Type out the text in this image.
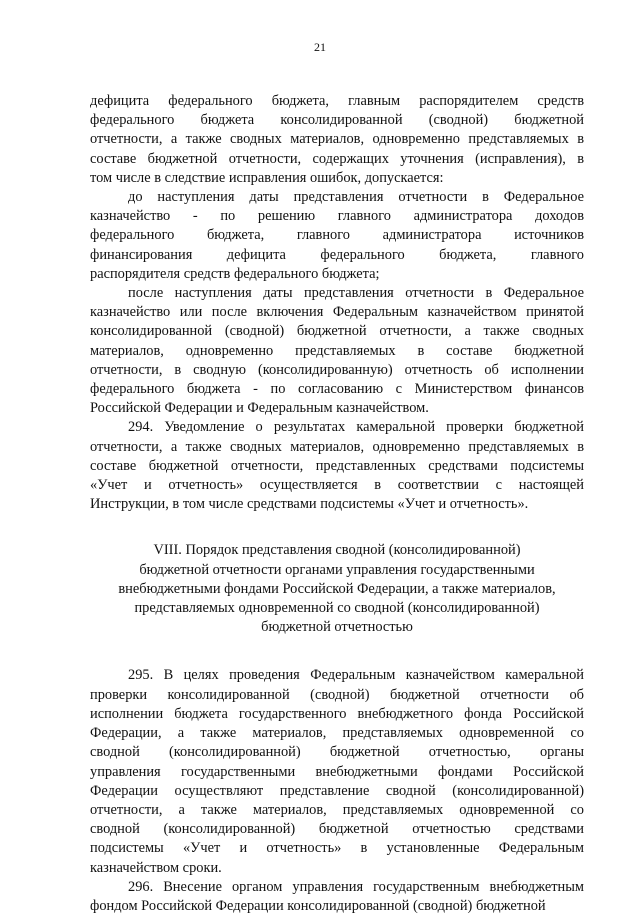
21

дефицита федерального бюджета, главным распорядителем средств
федерального бюджета консолидированной (сводной) бюджетной
отчетности, а также сводных материалов, одновременно представляемых в
составе бюджетной отчетности, содержащих уточнения (исправления), в
том числе в следствие исправления ошибок, допускается:

до наступления даты представления отчетности в Федеральное
казначейство - по решению главного администратора доходов
федерального бюджета, главного администратора источников
финансирования дефицита федерального бюджета, главного
распорядителя средств федерального бюджета;

после наступления даты представления отчетности в Федеральное
казначейство или после включения Федеральным казначейством принятой
консолидированной (сводной) бюджетной отчетности, а также сводных
материалов, одновременно представляемых в составе бюджетной
отчетности, в сводную (консолидированную) отчетность об исполнении
федерального бюджета - по согласованию с Министерством финансов
Российской Федерации и Федеральным казначейством.

294. Уведомление о результатах камеральной проверки бюджетной
отчетности, а также сводных материалов, одновременно представляемых в
составе бюджетной отчетности, представленных средствами подсистемы
«Учет и отчетность» осуществляется в соответствии с настоящей
Инструкции, в том числе средствами подсистемы «Учет и отчетность».

VIII. Порядок представления сводной (консолидированной)
бюджетной отчетности органами управления государственными
внебюджетными фондами Российской Федерации, а также материалов,
представляемых одновременной со сводной (консолидированной)
бюджетной отчетностью

295. В целях проведения Федеральным казначейством камеральной
проверки консолидированной (сводной) бюджетной отчетности об
исполнении бюджета государственного внебюджетного фонда Российской
Федерации, а также материалов, представляемых одновременной со
сводной (консолидированной) бюджетной отчетностью, органы
управления государственными внебюджетными фондами Российской
Федерации осуществляют представление сводной (консолидированной)
отчетности, а также материалов, представляемых одновременной со
сводной (консолидированной) бюджетной отчетностью средствами
подсистемы «Учет и отчетность» в установленные Федеральным
казначейством сроки.

296. Внесение органом управления государственным внебюджетным
фондом Российской Федерации консолидированной (сводной) бюджетной
